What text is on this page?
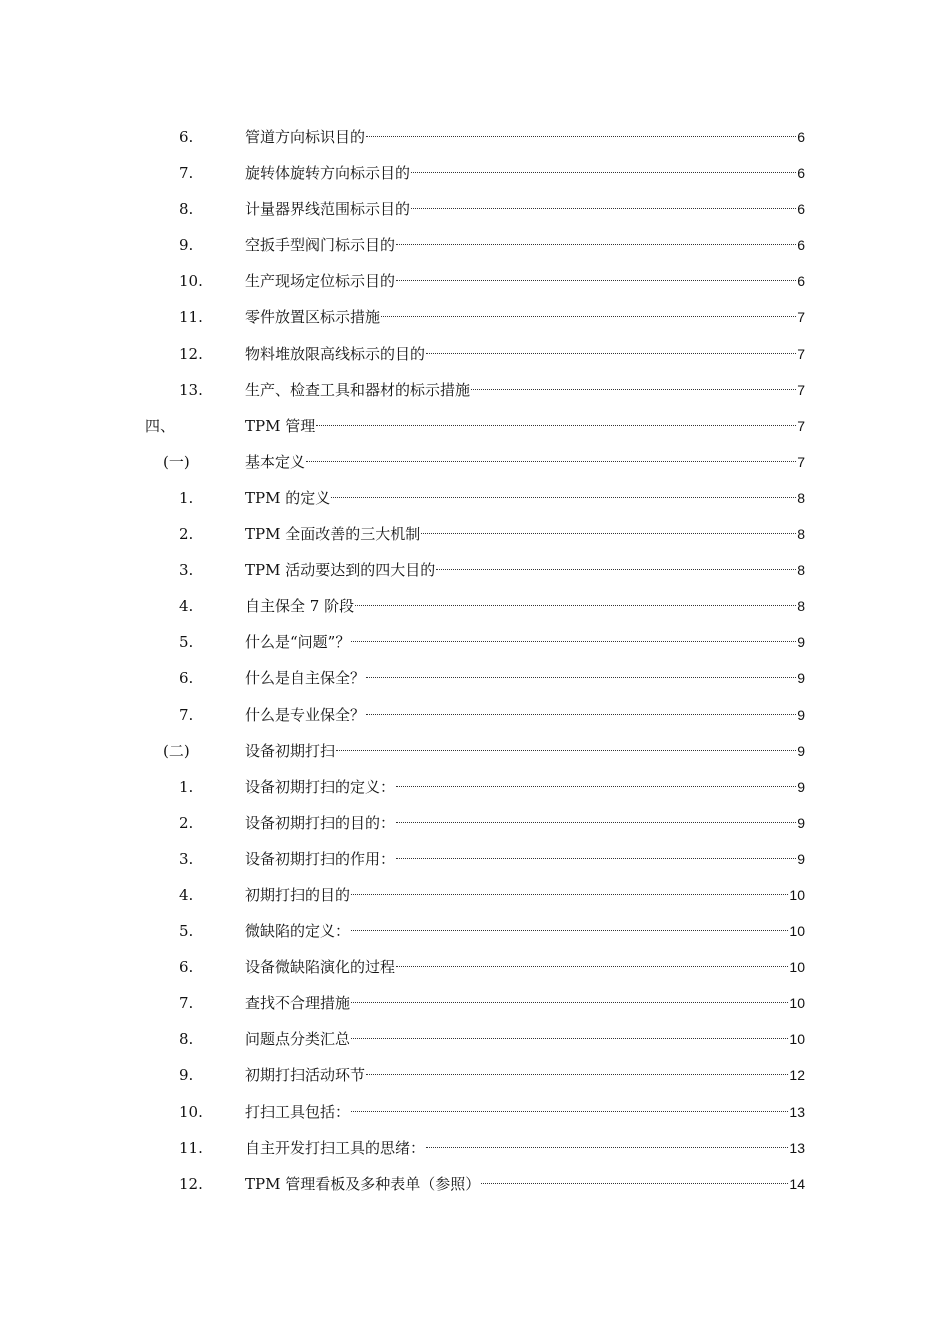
6.	管道方向标识目的	6
7.	旋转体旋转方向标示目的	6
8.	计量器界线范围标示目的	6
9.	空扳手型阀门标示目的	6
10.	生产现场定位标示目的	6
11.	零件放置区标示措施	7
12.	物料堆放限高线标示的目的	7
13.	生产、检查工具和器材的标示措施	7
四、	TPM 管理	7
(一)	基本定义	7
1.	TPM 的定义	8
2.	TPM 全面改善的三大机制	8
3.	TPM 活动要达到的四大目的	8
4.	自主保全 7 阶段	8
5.	什么是“问题”？	9
6.	什么是自主保全？	9
7.	什么是专业保全？	9
(二)	设备初期打扫	9
1.	设备初期打扫的定义：	9
2.	设备初期打扫的目的：	9
3.	设备初期打扫的作用：	9
4.	初期打扫的目的	10
5.	微缺陷的定义：	10
6.	设备微缺陷演化的过程	10
7.	查找不合理措施	10
8.	问题点分类汇总	10
9.	初期打扫活动环节	12
10.	打扫工具包括：	13
11.	自主开发打扫工具的思绪：	13
12.	TPM 管理看板及多种表单（参照）	14
